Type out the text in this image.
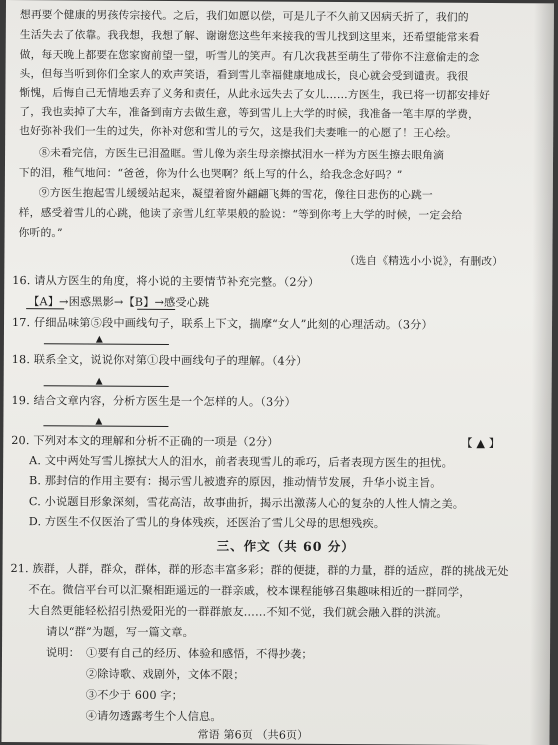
想再要个健康的男孩传宗接代。之后，我们如愿以偿，可是儿子不久前又因病夭折了，我们的
生活失去了依靠。我我想，我想了解、谢谢您这些年来接我的雪儿找到这里来，还希望能常来看
做，每天晚上都要在您家窗前望一望，听雪儿的笑声。有几次我甚至萌生了带你不注意偷走的念
头，但每当听到你们全家人的欢声笑语，看到雪儿幸福健康地成长，良心就会受到谴责。我很
惭愧，后悔自己无情地丢弃了义务和责任，从此永远失去了女儿……方医生，我已将一切都安排好
了，我也卖掉了大车，准备到南方去做生意，等到雪儿上大学的时候，我准备一笔丰厚的学费，
也好弥补我们一生的过失，你补对您和雪儿的亏欠，这是我们夫妻唯一的心愿了！王心绘。
⑧未看完信，方医生已泪盈眶。雪儿像为亲生母亲擦拭泪水一样为方医生擦去眼角滴
下的泪，稚气地问：“爸爸，你为什么也哭啊？纸上写的什么，给我念念好吗？”
⑨方医生抱起雪儿缓缓站起来，凝望着窗外翩翩飞舞的雪花，像往日悲伤的心跳一
样，感受着雪儿的心跳，他读了亲雪儿红苹果般的脸说：“等到你考上大学的时候，一定会给
你听的。”
（选自《精选小小说》，有删改）
16. 请从方医生的角度，将小说的主要情节补充完整。（2分）
【A】→困惑黑影→【B】→感受心跳
17. 仔细品味第⑤段中画线句子，联系上下文，揣摩“女人”此刻的心理活动。（3分）
▲
18. 联系全文，说说你对第①段中画线句子的理解。（4分）
▲
19. 结合文章内容，分析方医生是一个怎样的人。（3分）
▲
20. 下列对本文的理解和分析不正确的一项是（2分）	【 ▲ 】
A. 文中两处写雪儿擦拭大人的泪水，前者表现雪儿的乖巧，后者表现方医生的担忧。
B. 那封信的作用主要有：揭示雪儿被遗弃的原因，推动情节发展，升华小说主旨。
C. 小说题目形象深刻，雪花高洁，故事曲折，揭示出激荡人心的复杂的人性人情之美。
D. 方医生不仅医治了雪儿的身体残疾，还医治了雪儿父母的思想残疾。
三、作文（共 60 分）
21. 族群，人群，群众，群体，群的形态丰富多彩；群的便捷，群的力量，群的适应，群的挑战无处
不在。微信平台可以汇聚相距遥远的一群亲戚，校本课程能够召集趣味相近的一群同学，
大自然更能轻松招引热爱阳光的一群群旅友……不知不觉，我们就会融入群的洪流。
请以“群”为题，写一篇文章。
说明： ①要有自己的经历、体验和感悟，不得抄袭；
②除诗歌、戏剧外，文体不限；
③不少于 600 字；
④请勿透露考生个人信息。
常语 第6页 （共6页）
